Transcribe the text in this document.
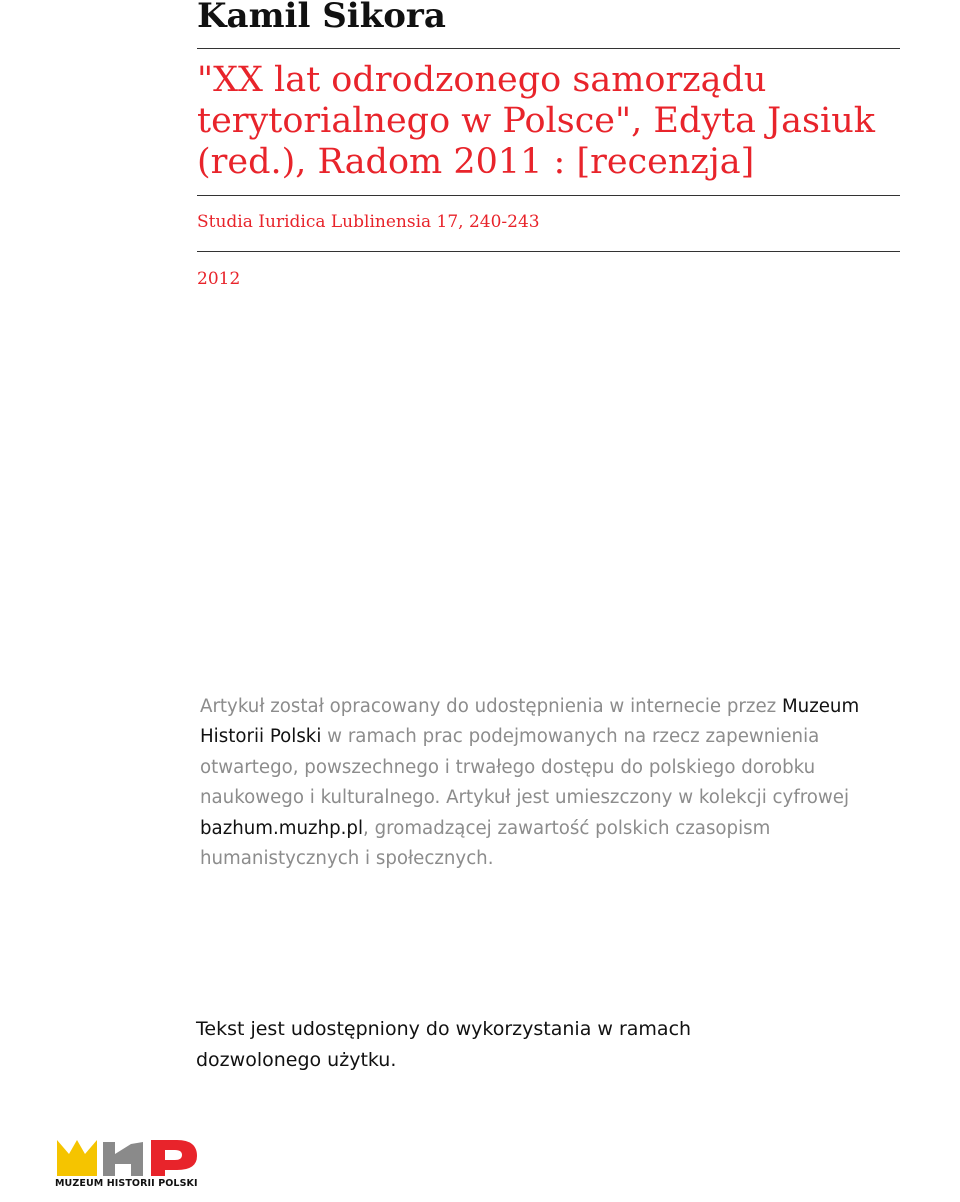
Kamil Sikora
"XX lat odrodzonego samorządu terytorialnego w Polsce", Edyta Jasiuk (red.), Radom 2011 : [recenzja]
Studia Iuridica Lublinensia 17, 240-243
2012

Artykuł został opracowany do udostępnienia w internecie przez Muzeum Historii Polski w ramach prac podejmowanych na rzecz zapewnienia otwartego, powszechnego i trwałego dostępu do polskiego dorobku naukowego i kulturalnego. Artykuł jest umieszczony w kolekcji cyfrowej bazhum.muzhp.pl, gromadzącej zawartość polskich czasopism humanistycznych i społecznych.

Tekst jest udostępniony do wykorzystania w ramach dozwolonego użytku.

MUZEUM HISTORII POLSKI
